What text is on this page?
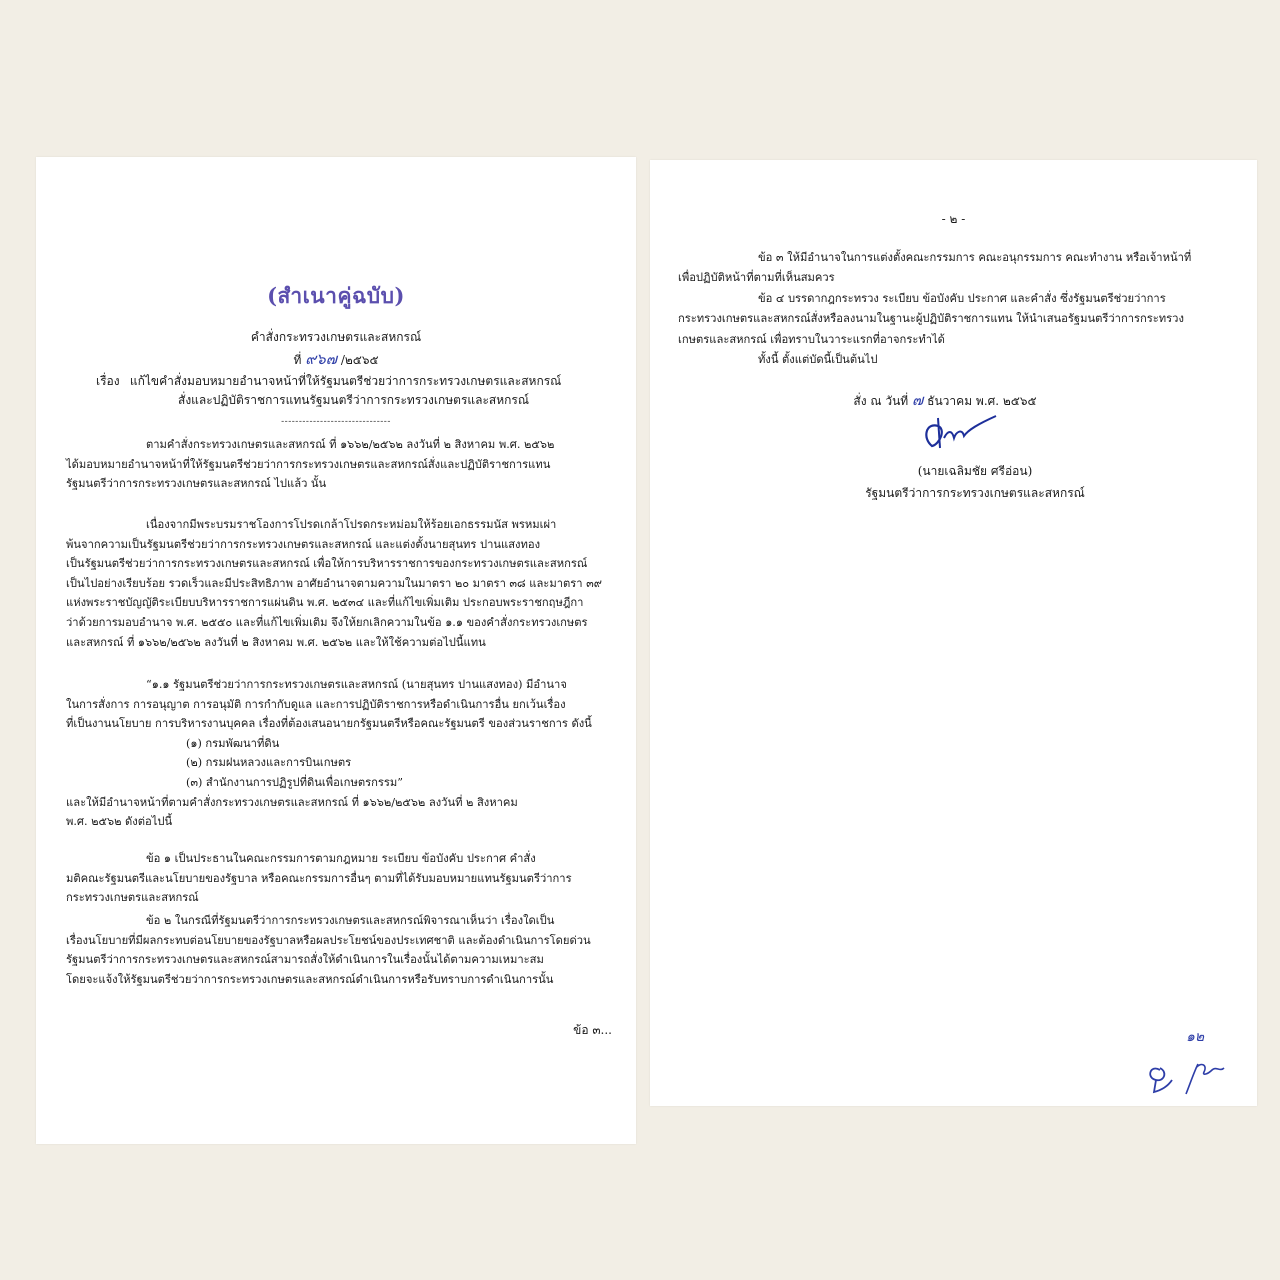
(สำเนาคู่ฉบับ)
คำสั่งกระทรวงเกษตรและสหกรณ์
ที่ ๙๖๗ /๒๕๖๕
เรื่อง แก้ไขคำสั่งมอบหมายอำนาจหน้าที่ให้รัฐมนตรีช่วยว่าการกระทรวงเกษตรและสหกรณ์
สั่งและปฏิบัติราชการแทนรัฐมนตรีว่าการกระทรวงเกษตรและสหกรณ์
-------------------------------
ตามคำสั่งกระทรวงเกษตรและสหกรณ์ ที่ ๑๖๖๒/๒๕๖๒ ลงวันที่ ๒ สิงหาคม พ.ศ. ๒๕๖๒
ได้มอบหมายอำนาจหน้าที่ให้รัฐมนตรีช่วยว่าการกระทรวงเกษตรและสหกรณ์สั่งและปฏิบัติราชการแทน
รัฐมนตรีว่าการกระทรวงเกษตรและสหกรณ์ ไปแล้ว นั้น
เนื่องจากมีพระบรมราชโองการโปรดเกล้าโปรดกระหม่อมให้ร้อยเอกธรรมนัส พรหมเผ่า
พ้นจากความเป็นรัฐมนตรีช่วยว่าการกระทรวงเกษตรและสหกรณ์ และแต่งตั้งนายสุนทร ปานแสงทอง
เป็นรัฐมนตรีช่วยว่าการกระทรวงเกษตรและสหกรณ์ เพื่อให้การบริหารราชการของกระทรวงเกษตรและสหกรณ์
เป็นไปอย่างเรียบร้อย รวดเร็วและมีประสิทธิภาพ อาศัยอำนาจตามความในมาตรา ๒๐ มาตรา ๓๘ และมาตรา ๓๙
แห่งพระราชบัญญัติระเบียบบริหารราชการแผ่นดิน พ.ศ. ๒๕๓๔ และที่แก้ไขเพิ่มเติม ประกอบพระราชกฤษฎีกา
ว่าด้วยการมอบอำนาจ พ.ศ. ๒๕๕๐ และที่แก้ไขเพิ่มเติม จึงให้ยกเลิกความในข้อ ๑.๑ ของคำสั่งกระทรวงเกษตร
และสหกรณ์ ที่ ๑๖๖๒/๒๕๖๒ ลงวันที่ ๒ สิงหาคม พ.ศ. ๒๕๖๒ และให้ใช้ความต่อไปนี้แทน
“๑.๑ รัฐมนตรีช่วยว่าการกระทรวงเกษตรและสหกรณ์ (นายสุนทร ปานแสงทอง) มีอำนาจ
ในการสั่งการ การอนุญาต การอนุมัติ การกำกับดูแล และการปฏิบัติราชการหรือดำเนินการอื่น ยกเว้นเรื่อง
ที่เป็นงานนโยบาย การบริหารงานบุคคล เรื่องที่ต้องเสนอนายกรัฐมนตรีหรือคณะรัฐมนตรี ของส่วนราชการ ดังนี้
(๑) กรมพัฒนาที่ดิน
(๒) กรมฝนหลวงและการบินเกษตร
(๓) สำนักงานการปฏิรูปที่ดินเพื่อเกษตรกรรม”
และให้มีอำนาจหน้าที่ตามคำสั่งกระทรวงเกษตรและสหกรณ์ ที่ ๑๖๖๒/๒๕๖๒ ลงวันที่ ๒ สิงหาคม
พ.ศ. ๒๕๖๒ ดังต่อไปนี้
ข้อ ๑ เป็นประธานในคณะกรรมการตามกฎหมาย ระเบียบ ข้อบังคับ ประกาศ คำสั่ง
มติคณะรัฐมนตรีและนโยบายของรัฐบาล หรือคณะกรรมการอื่นๆ ตามที่ได้รับมอบหมายแทนรัฐมนตรีว่าการ
กระทรวงเกษตรและสหกรณ์
ข้อ ๒ ในกรณีที่รัฐมนตรีว่าการกระทรวงเกษตรและสหกรณ์พิจารณาเห็นว่า เรื่องใดเป็น
เรื่องนโยบายที่มีผลกระทบต่อนโยบายของรัฐบาลหรือผลประโยชน์ของประเทศชาติ และต้องดำเนินการโดยด่วน
รัฐมนตรีว่าการกระทรวงเกษตรและสหกรณ์สามารถสั่งให้ดำเนินการในเรื่องนั้นได้ตามความเหมาะสม
โดยจะแจ้งให้รัฐมนตรีช่วยว่าการกระทรวงเกษตรและสหกรณ์ดำเนินการหรือรับทราบการดำเนินการนั้น
ข้อ ๓...
- ๒ -
ข้อ ๓ ให้มีอำนาจในการแต่งตั้งคณะกรรมการ คณะอนุกรรมการ คณะทำงาน หรือเจ้าหน้าที่
เพื่อปฏิบัติหน้าที่ตามที่เห็นสมควร
ข้อ ๔ บรรดากฎกระทรวง ระเบียบ ข้อบังคับ ประกาศ และคำสั่ง ซึ่งรัฐมนตรีช่วยว่าการ
กระทรวงเกษตรและสหกรณ์สั่งหรือลงนามในฐานะผู้ปฏิบัติราชการแทน ให้นำเสนอรัฐมนตรีว่าการกระทรวง
เกษตรและสหกรณ์ เพื่อทราบในวาระแรกที่อาจกระทำได้
ทั้งนี้ ตั้งแต่บัดนี้เป็นต้นไป
สั่ง ณ วันที่ ๗ ธันวาคม พ.ศ. ๒๕๖๕
(นายเฉลิมชัย ศรีอ่อน)
รัฐมนตรีว่าการกระทรวงเกษตรและสหกรณ์
๑๒
